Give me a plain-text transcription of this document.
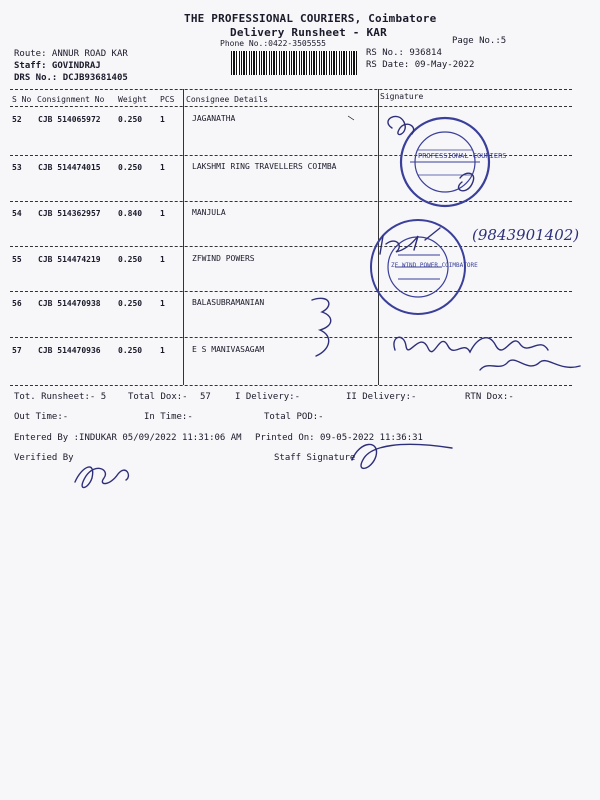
THE PROFESSIONAL COURIERS, Coimbatore
Delivery Runsheet - KAR
Phone No.:0422-3505555	Page No.:5
Route: ANNUR ROAD KAR
Staff: GOVINDRAJ
DRS No.: DCJB93681405
RS No.: 936814
RS Date: 09-May-2022
S No Consignment No Weight PCS Consignee Details	Signature
52 CJB 514065972 0.250 1	JAGANATHA
53 CJB 514474015 0.250 1	LAKSHMI RING TRAVELLERS COIMBA
54 CJB 514362957 0.840 1	MANJULA
55 CJB 514474219 0.250 1	ZFWIND POWERS
56 CJB 514470938 0.250 1	BALASUBRAMANIAN
57 CJB 514470936 0.250 1	E S MANIVASAGAM
PROFESSIONAL COURIERS
ZF WIND POWER COIMBATORE
(9843901402)
Tot. Runsheet:- 5 Total Dox:- 57	I Delivery:-	II Delivery:-	RTN Dox:-
Out Time:-	In Time:-	Total POD:-
Entered By :INDUKAR 05/09/2022 11:31:06 AM Printed On: 09-05-2022 11:36:31
Verified By	Staff Signature
